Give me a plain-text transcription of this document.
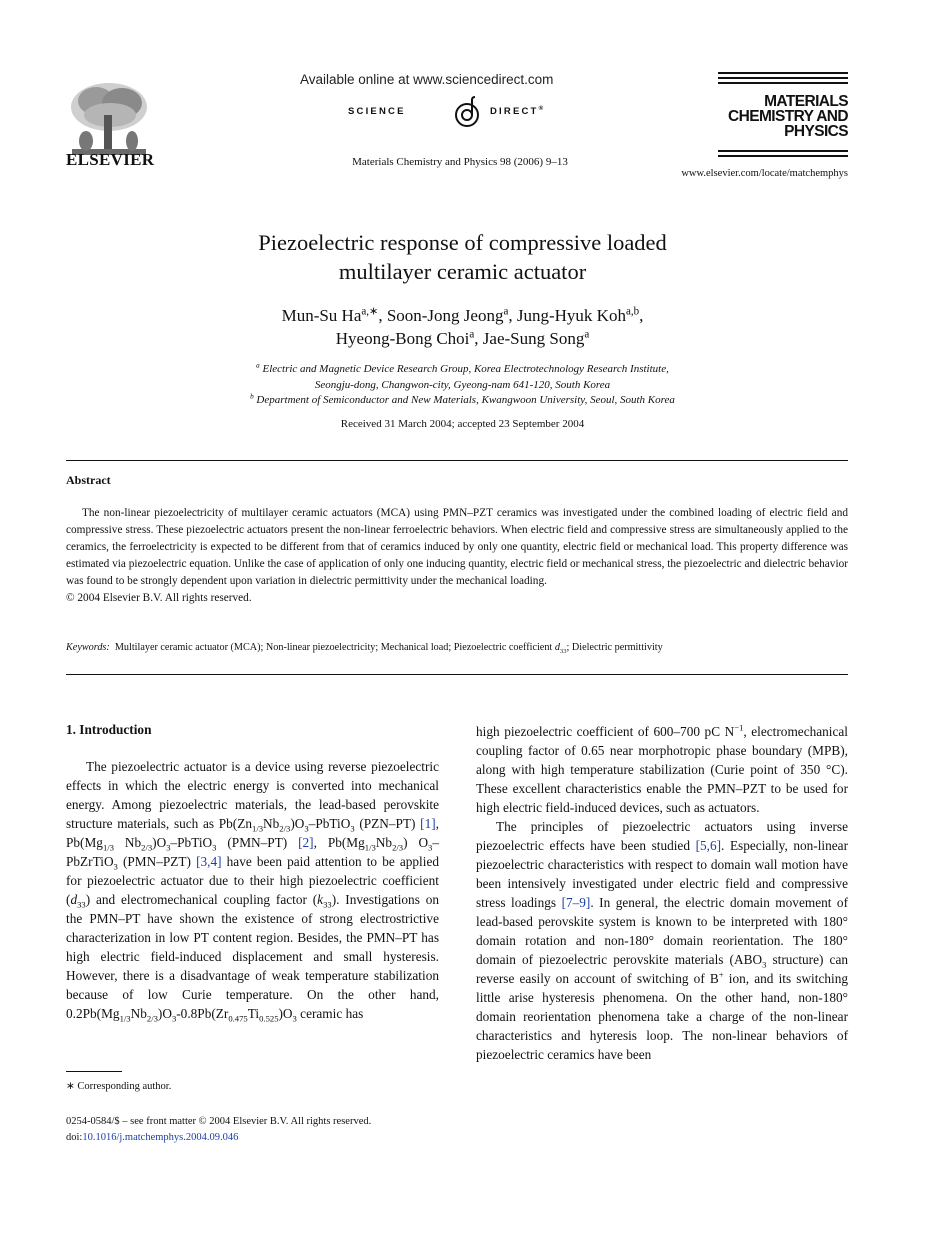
ELSEVIER
Available online at www.sciencedirect.com
SCIENCE	DIRECT®
Materials Chemistry and Physics 98 (2006) 9–13
MATERIALS
CHEMISTRY AND
PHYSICS
www.elsevier.com/locate/matchemphys
Piezoelectric response of compressive loaded
multilayer ceramic actuator
Mun-Su $Ha^{a,∗}$, Soon-Jong Jeong$^a$, Jung-Hyuk Koh$^{a,b}$,
Hyeong-Bong Choi$^a$, Jae-Sung Song$^a$
$^a$ Electric and Magnetic Device Research Group, Korea Electrotechnology Research Institute,
Seongju-dong, Changwon-city, Gyeong-nam 641-120, South Korea
$^b$ Department of Semiconductor and New Materials, Kwangwoon University, Seoul, South Korea
Received 31 March 2004; accepted 23 September 2004
Abstract

The non-linear piezoelectricity of multilayer ceramic actuators (MCA) using PMN–PZT ceramics was investigated under the combined loading of electric field and compressive stress. These piezoelectric actuators present the non-linear ferroelectric behaviors. When electric field and compressive stress are simultaneously applied to the ceramics, the ferroelectricity is expected to be different from that of ceramics induced by only one quantity, electric field or mechanical load. This property difference was estimated via piezoelectric equation. Unlike the case of application of only one inducing quantity, electric field or mechanical stress, the piezoelectric and dielectric behavior was found to be strongly dependent upon variation in dielectric permittivity under the mechanical loading.

© 2004 Elsevier B.V. All rights reserved.

Keywords: Multilayer ceramic actuator (MCA); Non-linear piezoelectricity; Mechanical load; Piezoelectric coefficient $d_{33}$; Dielectric permittivity
1. Introduction

The piezoelectric actuator is a device using reverse piezoelectric effects in which the electric energy is converted into mechanical energy. Among piezoelectric materials, the lead-based perovskite structure materials, such as $Pb(Zn_{1/3}Nb_{2/3})O_3-PbTiO_3$ (PZN–PT) [1], $Pb(Mg_{1/3}$ $Nb_{2/3})O_3-PbTiO_3$ (PMN–PT) [2], $Pb(Mg_{1/3}Nb_{2/3})$ $O_3-PbZrTiO_3$ (PMN–PZT) [3,4] have been paid attention to be applied for piezoelectric actuator due to their high piezoelectric coefficient $(d_{33})$ and electromechanical coupling factor $(k_{33})$. Investigations on the PMN–PT have shown the existence of strong electrostrictive characterization in low PT content region. Besides, the PMN–PT has high electric field-induced displacement and small hysteresis. However, there is a disadvantage of weak temperature stabilization because of low Curie temperature. On the other hand, $0.2Pb(Mg_{1/3}Nb_{2/3})O_3-0.8Pb(Zr_{0.475}Ti_{0.525})O_3$ ceramic has

high piezoelectric coefficient of 600–700 pC $N^{-1}$, electromechanical coupling factor of 0.65 near morphotropic phase boundary (MPB), along with high temperature stabilization (Curie point of 350 °C). These excellent characteristics enable the PMN–PZT to be used for high electric field-induced devices, such as actuators.

The principles of piezoelectric actuators using inverse piezoelectric effects have been studied [5,6]. Especially, non-linear piezoelectric characteristics with respect to domain wall motion have been intensively investigated under electric field and compressive stress loadings [7–9]. In general, the electric domain movement of lead-based perovskite system is known to be interpreted with 180° domain rotation and non-180° domain reorientation. The 180° domain of piezoelectric perovskite materials ($ABO_3$ structure) can reverse easily on account of switching of B+ ion, and its switching little arise hysteresis phenomena. On the other hand, non-180° domain reorientation phenomena take a charge of the non-linear characteristics and hyteresis loop. The non-linear behaviors of piezoelectric ceramics have been

∗ Corresponding author.
0254-0584/$ – see front matter © 2004 Elsevier B.V. All rights reserved.
doi:10.1016/j.matchemphys.2004.09.046
